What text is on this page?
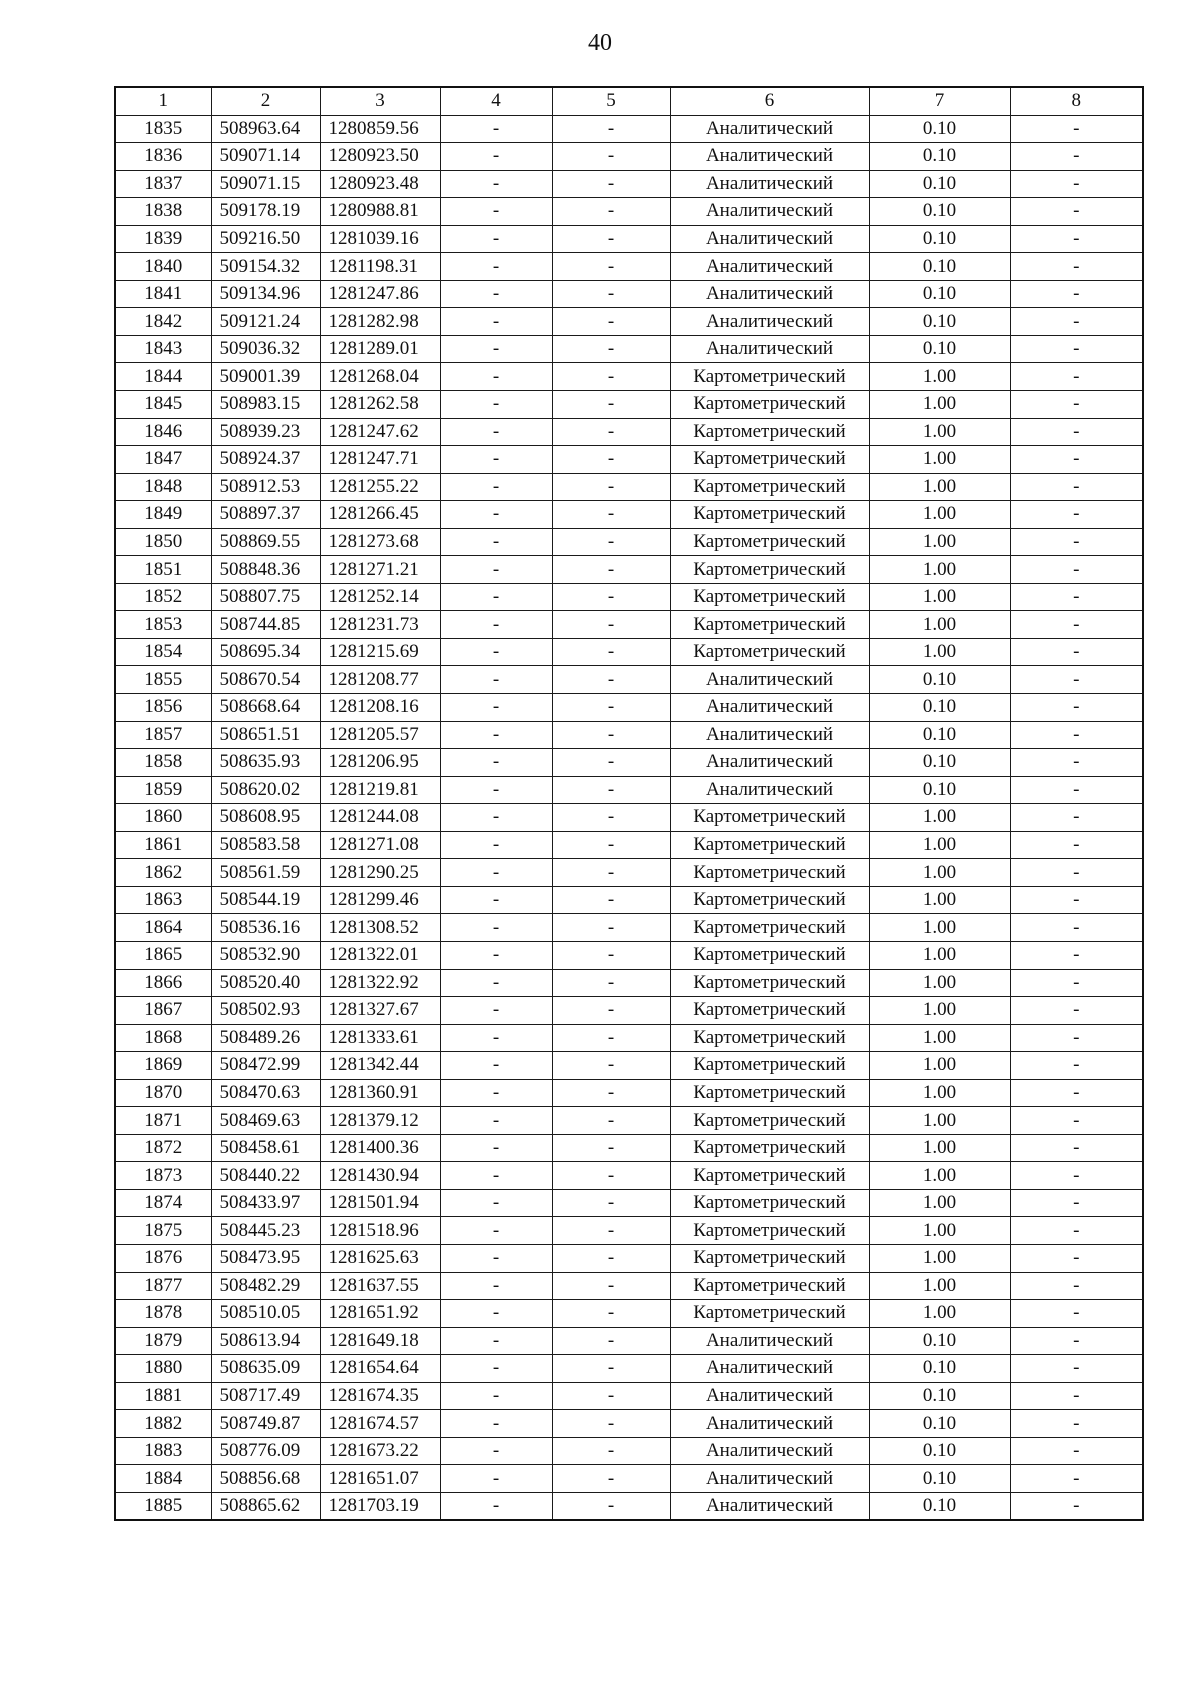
40
1	2	3	4	5	6	7	8
1835	508963.64	1280859.56	-	-	Аналитический	0.10	-
1836	509071.14	1280923.50	-	-	Аналитический	0.10	-
1837	509071.15	1280923.48	-	-	Аналитический	0.10	-
1838	509178.19	1280988.81	-	-	Аналитический	0.10	-
1839	509216.50	1281039.16	-	-	Аналитический	0.10	-
1840	509154.32	1281198.31	-	-	Аналитический	0.10	-
1841	509134.96	1281247.86	-	-	Аналитический	0.10	-
1842	509121.24	1281282.98	-	-	Аналитический	0.10	-
1843	509036.32	1281289.01	-	-	Аналитический	0.10	-
1844	509001.39	1281268.04	-	-	Картометрический	1.00	-
1845	508983.15	1281262.58	-	-	Картометрический	1.00	-
1846	508939.23	1281247.62	-	-	Картометрический	1.00	-
1847	508924.37	1281247.71	-	-	Картометрический	1.00	-
1848	508912.53	1281255.22	-	-	Картометрический	1.00	-
1849	508897.37	1281266.45	-	-	Картометрический	1.00	-
1850	508869.55	1281273.68	-	-	Картометрический	1.00	-
1851	508848.36	1281271.21	-	-	Картометрический	1.00	-
1852	508807.75	1281252.14	-	-	Картометрический	1.00	-
1853	508744.85	1281231.73	-	-	Картометрический	1.00	-
1854	508695.34	1281215.69	-	-	Картометрический	1.00	-
1855	508670.54	1281208.77	-	-	Аналитический	0.10	-
1856	508668.64	1281208.16	-	-	Аналитический	0.10	-
1857	508651.51	1281205.57	-	-	Аналитический	0.10	-
1858	508635.93	1281206.95	-	-	Аналитический	0.10	-
1859	508620.02	1281219.81	-	-	Аналитический	0.10	-
1860	508608.95	1281244.08	-	-	Картометрический	1.00	-
1861	508583.58	1281271.08	-	-	Картометрический	1.00	-
1862	508561.59	1281290.25	-	-	Картометрический	1.00	-
1863	508544.19	1281299.46	-	-	Картометрический	1.00	-
1864	508536.16	1281308.52	-	-	Картометрический	1.00	-
1865	508532.90	1281322.01	-	-	Картометрический	1.00	-
1866	508520.40	1281322.92	-	-	Картометрический	1.00	-
1867	508502.93	1281327.67	-	-	Картометрический	1.00	-
1868	508489.26	1281333.61	-	-	Картометрический	1.00	-
1869	508472.99	1281342.44	-	-	Картометрический	1.00	-
1870	508470.63	1281360.91	-	-	Картометрический	1.00	-
1871	508469.63	1281379.12	-	-	Картометрический	1.00	-
1872	508458.61	1281400.36	-	-	Картометрический	1.00	-
1873	508440.22	1281430.94	-	-	Картометрический	1.00	-
1874	508433.97	1281501.94	-	-	Картометрический	1.00	-
1875	508445.23	1281518.96	-	-	Картометрический	1.00	-
1876	508473.95	1281625.63	-	-	Картометрический	1.00	-
1877	508482.29	1281637.55	-	-	Картометрический	1.00	-
1878	508510.05	1281651.92	-	-	Картометрический	1.00	-
1879	508613.94	1281649.18	-	-	Аналитический	0.10	-
1880	508635.09	1281654.64	-	-	Аналитический	0.10	-
1881	508717.49	1281674.35	-	-	Аналитический	0.10	-
1882	508749.87	1281674.57	-	-	Аналитический	0.10	-
1883	508776.09	1281673.22	-	-	Аналитический	0.10	-
1884	508856.68	1281651.07	-	-	Аналитический	0.10	-
1885	508865.62	1281703.19	-	-	Аналитический	0.10	-
